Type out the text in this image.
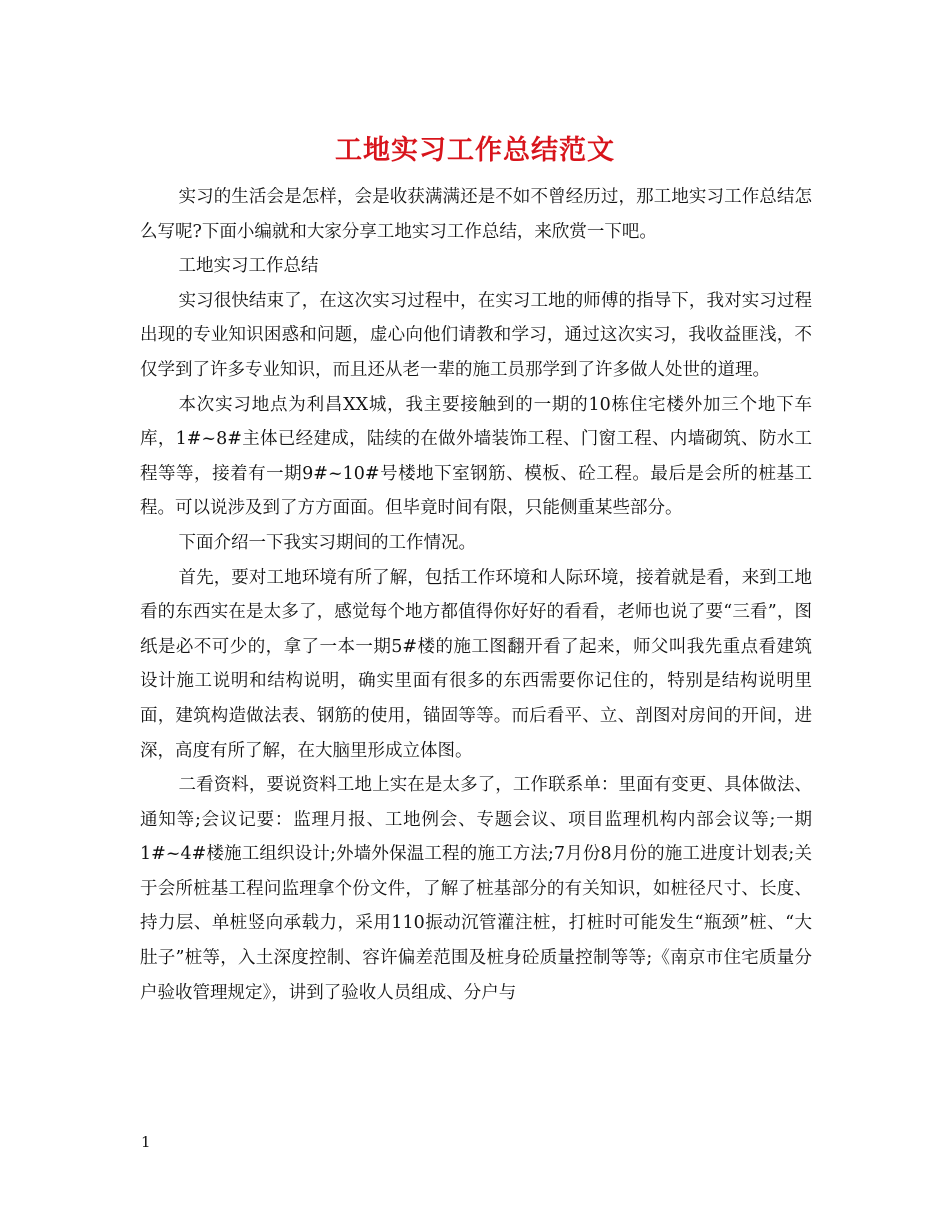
工地实习工作总结范文

实习的生活会是怎样，会是收获满满还是不如不曾经历过，那工地实习工作总结怎么写呢?下面小编就和大家分享工地实习工作总结，来欣赏一下吧。

工地实习工作总结

实习很快结束了，在这次实习过程中，在实习工地的师傅的指导下，我对实习过程出现的专业知识困惑和问题，虚心向他们请教和学习，通过这次实习，我收益匪浅，不仅学到了许多专业知识，而且还从老一辈的施工员那学到了许多做人处世的道理。

本次实习地点为利昌XX城，我主要接触到的一期的10栋住宅楼外加三个地下车库，1#~8#主体已经建成，陆续的在做外墙装饰工程、门窗工程、内墙砌筑、防水工程等等，接着有一期9#~10#号楼地下室钢筋、模板、砼工程。最后是会所的桩基工程。可以说涉及到了方方面面。但毕竟时间有限，只能侧重某些部分。

下面介绍一下我实习期间的工作情况。

首先，要对工地环境有所了解，包括工作环境和人际环境，接着就是看，来到工地看的东西实在是太多了，感觉每个地方都值得你好好的看看，老师也说了要“三看”，图纸是必不可少的，拿了一本一期5#楼的施工图翻开看了起来，师父叫我先重点看建筑设计施工说明和结构说明，确实里面有很多的东西需要你记住的，特别是结构说明里面，建筑构造做法表、钢筋的使用，锚固等等。而后看平、立、剖图对房间的开间，进深，高度有所了解，在大脑里形成立体图。

二看资料，要说资料工地上实在是太多了，工作联系单：里面有变更、具体做法、通知等;会议记要：监理月报、工地例会、专题会议、项目监理机构内部会议等;一期1#~4#楼施工组织设计;外墙外保温工程的施工方法;7月份8月份的施工进度计划表;关于会所桩基工程问监理拿个份文件，了解了桩基部分的有关知识，如桩径尺寸、长度、持力层、单桩竖向承载力，采用110振动沉管灌注桩，打桩时可能发生“瓶颈”桩、“大肚子”桩等，入土深度控制、容许偏差范围及桩身砼质量控制等等;《南京市住宅质量分户验收管理规定》，讲到了验收人员组成、分户与

1
